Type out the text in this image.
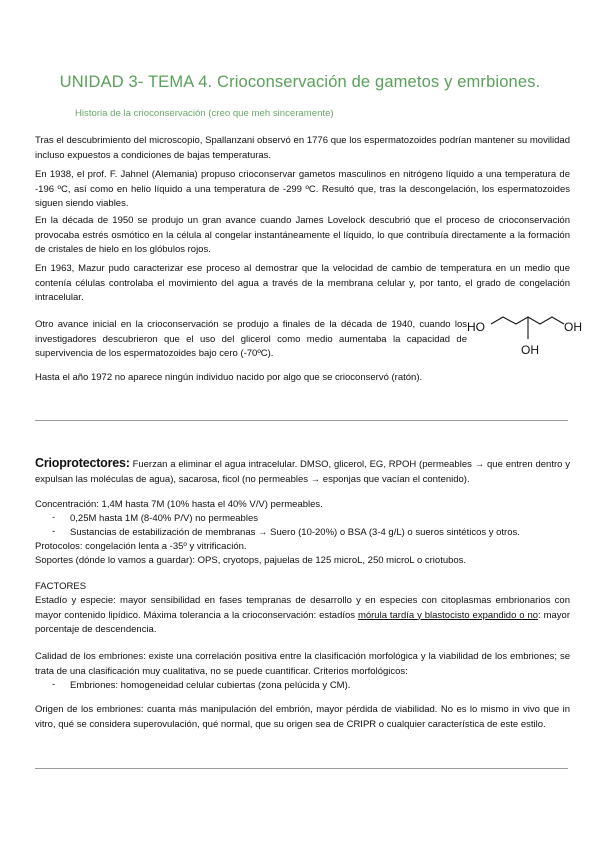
UNIDAD 3- TEMA 4. Crioconservación de gametos y emrbiones.

Historia de la crioconservación (creo que meh sinceramente)

Tras el descubrimiento del microscopio, Spallanzani observó en 1776 que los espermatozoides podrían mantener su movilidad incluso expuestos a condiciones de bajas temperaturas.

En 1938, el prof. F. Jahnel (Alemania) propuso crioconservar gametos masculinos en nitrógeno líquido a una temperatura de -196 ºC, así como en helio líquido a una temperatura de -299 ºC. Resultó que, tras la descongelación, los espermatozoides siguen siendo viables.

En la década de 1950 se produjo un gran avance cuando James Lovelock descubrió que el proceso de crioconservación provocaba estrés osmótico en la célula al congelar instantáneamente el líquido, lo que contribuía directamente a la formación de cristales de hielo en los glóbulos rojos.

En 1963, Mazur pudo caracterizar ese proceso al demostrar que la velocidad de cambio de temperatura en un medio que contenía células controlaba el movimiento del agua a través de la membrana celular y, por tanto, el grado de congelación intracelular.

Otro avance inicial en la crioconservación se produjo a finales de la década de 1940, cuando los investigadores descubrieron que el uso del glicerol como medio aumentaba la capacidad de supervivencia de los espermatozoides bajo cero (-70ºC).

HO	OH
OH

Hasta el año 1972 no aparece ningún individuo nacido por algo que se crioconservó (ratón).

Crioprotectores: Fuerzan a eliminar el agua intracelular. DMSO, glicerol, EG, RPOH (permeables → que entren dentro y expulsan las moléculas de agua), sacarosa, ficol (no permeables → esponjas que vacían el contenido).

Concentración: 1,4M hasta 7M (10% hasta el 40% V/V) permeables.

- 0,25M hasta 1M (8-40% P/V) no permeables

- Sustancias de estabilización de membranas → Suero (10-20%) o BSA (3-4 g/L) o sueros sintéticos y otros.

Protocolos: congelación lenta a -35º y vitrificación.

Soportes (dónde lo vamos a guardar): OPS, cryotops, pajuelas de 125 microL, 250 microL o criotubos.

FACTORES

Estadío y especie: mayor sensibilidad en fases tempranas de desarrollo y en especies con citoplasmas embrionarios con mayor contenido lipídico. Máxima tolerancia a la crioconservación: estadíos mórula tardía y blastocisto expandido o no: mayor porcentaje de descendencia.

Calidad de los embriones: existe una correlación positiva entre la clasificación morfológica y la viabilidad de los embriones; se trata de una clasificación muy cualitativa, no se puede cuantificar. Criterios morfológicos:

- Embriones: homogeneidad celular cubiertas (zona pelúcida y CM).

Origen de los embriones: cuanta más manipulación del embrión, mayor pérdida de viabilidad. No es lo mismo in vivo que in vitro, qué se considera superovulación, qué normal, que su origen sea de CRIPR o cualquier característica de este estilo.
